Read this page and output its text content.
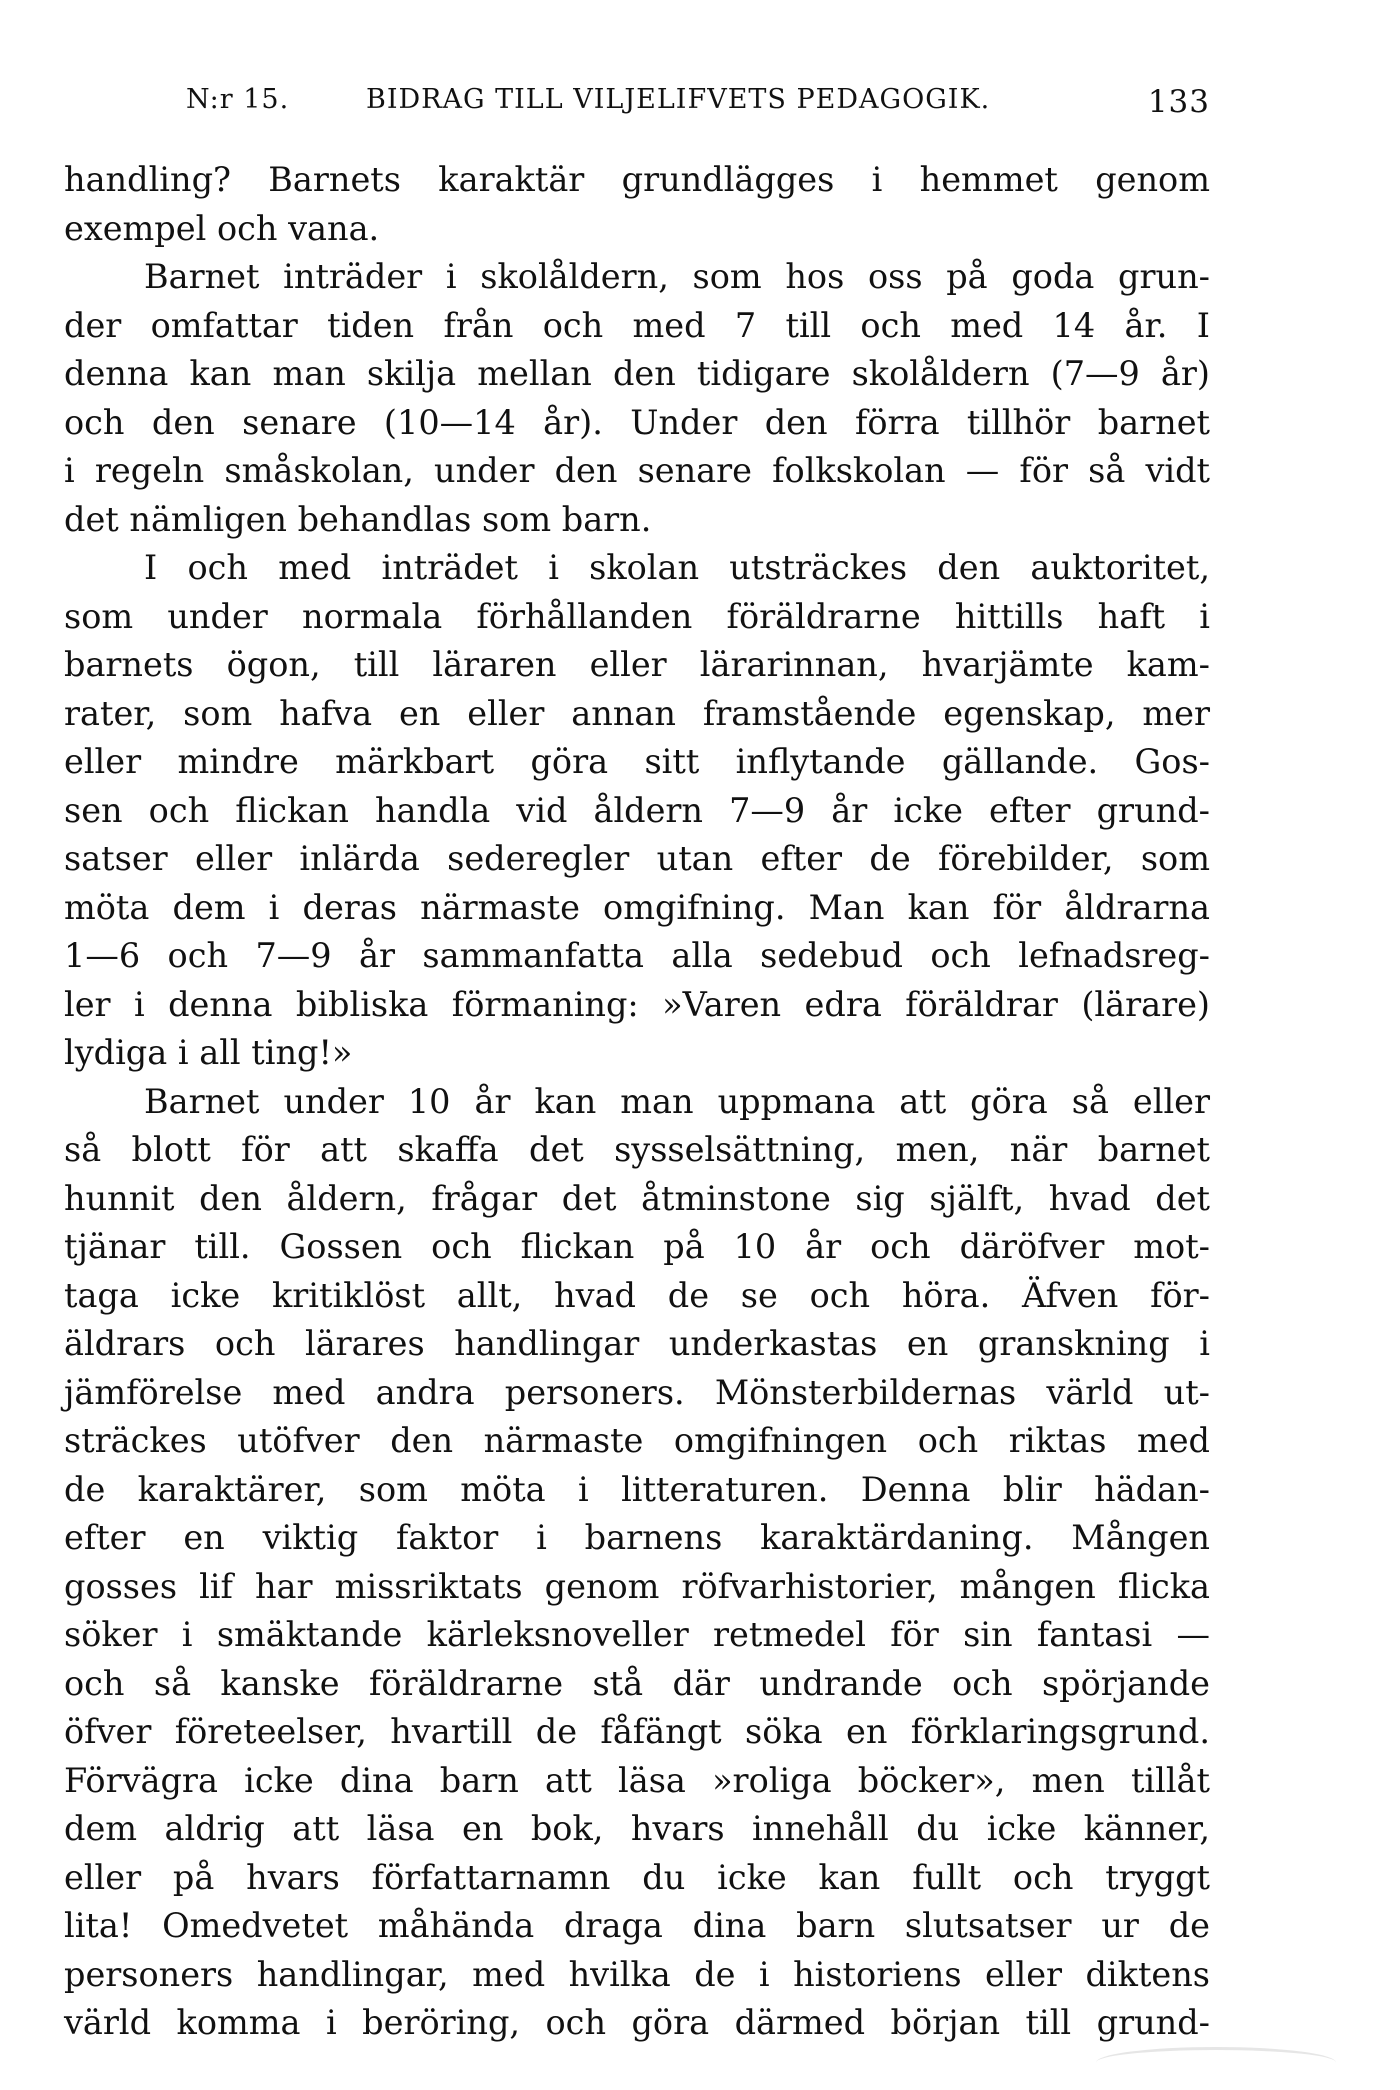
N:r 15.	BIDRAG TILL VILJELIFVETS PEDAGOGIK.	133
handling? Barnets karaktär grundlägges i hemmet genom
exempel och vana.
Barnet inträder i skolåldern, som hos oss på goda grun-
der omfattar tiden från och med 7 till och med 14 år. I
denna kan man skilja mellan den tidigare skolåldern (7—9 år)
och den senare (10—14 år). Under den förra tillhör barnet
i regeln småskolan, under den senare folkskolan — för så vidt
det nämligen behandlas som barn.
I och med inträdet i skolan utsträckes den auktoritet,
som under normala förhållanden föräldrarne hittills haft i
barnets ögon, till läraren eller lärarinnan, hvarjämte kam-
rater, som hafva en eller annan framstående egenskap, mer
eller mindre märkbart göra sitt inflytande gällande. Gos-
sen och flickan handla vid åldern 7—9 år icke efter grund-
satser eller inlärda sederegler utan efter de förebilder, som
möta dem i deras närmaste omgifning. Man kan för åldrarna
1—6 och 7—9 år sammanfatta alla sedebud och lefnadsreg-
ler i denna bibliska förmaning: »Varen edra föräldrar (lärare)
lydiga i all ting!»
Barnet under 10 år kan man uppmana att göra så eller
så blott för att skaffa det sysselsättning, men, när barnet
hunnit den åldern, frågar det åtminstone sig själft, hvad det
tjänar till. Gossen och flickan på 10 år och däröfver mot-
taga icke kritiklöst allt, hvad de se och höra. Äfven för-
äldrars och lärares handlingar underkastas en granskning i
jämförelse med andra personers. Mönsterbildernas värld ut-
sträckes utöfver den närmaste omgifningen och riktas med
de karaktärer, som möta i litteraturen. Denna blir hädan-
efter en viktig faktor i barnens karaktärdaning. Mången
gosses lif har missriktats genom röfvarhistorier, mången flicka
söker i smäktande kärleksnoveller retmedel för sin fantasi —
och så kanske föräldrarne stå där undrande och spörjande
öfver företeelser, hvartill de fåfängt söka en förklaringsgrund.
Förvägra icke dina barn att läsa »roliga böcker», men tillåt
dem aldrig att läsa en bok, hvars innehåll du icke känner,
eller på hvars författarnamn du icke kan fullt och tryggt
lita! Omedvetet måhända draga dina barn slutsatser ur de
personers handlingar, med hvilka de i historiens eller diktens
värld komma i beröring, och göra därmed början till grund-
